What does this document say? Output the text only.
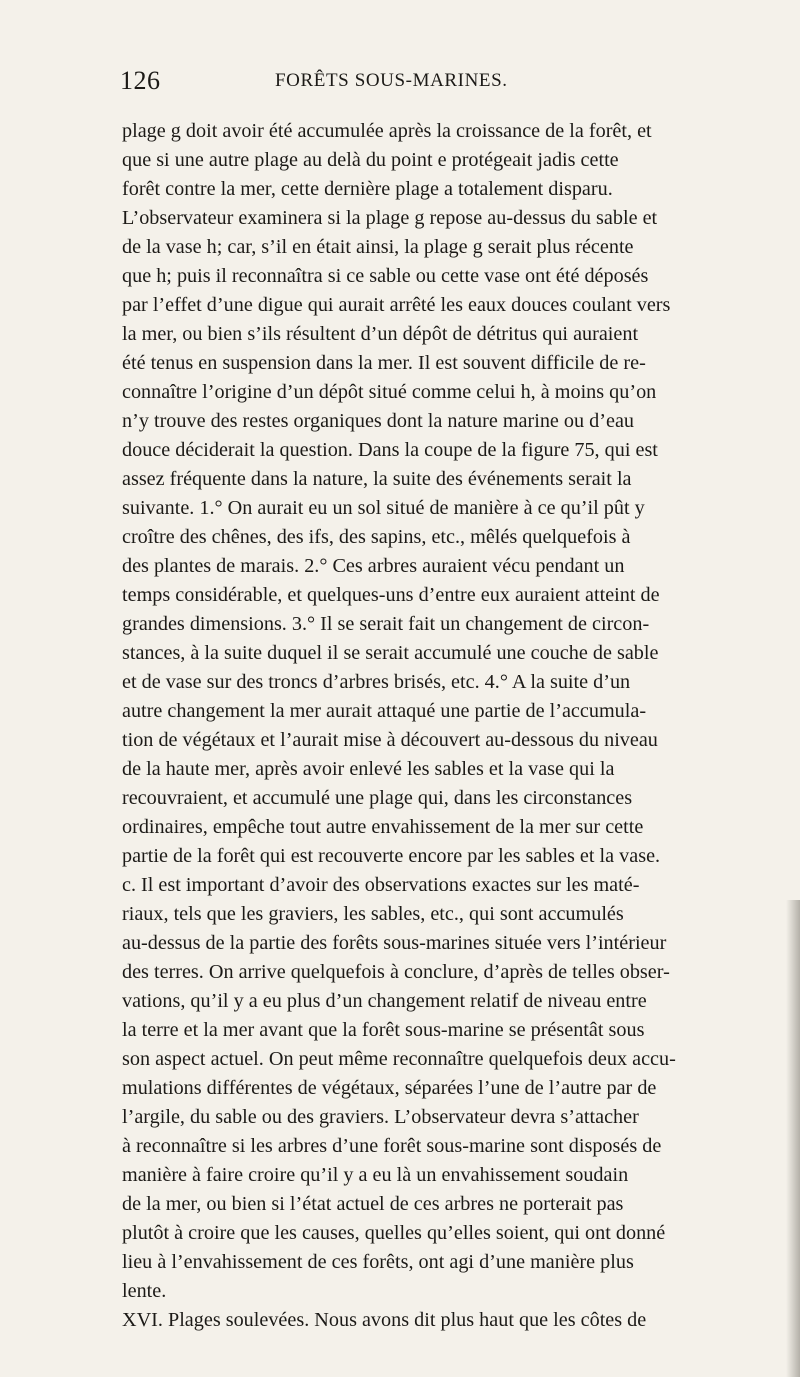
126	FORÊTS SOUS-MARINES.
plage g doit avoir été accumulée après la croissance de la forêt, et
que si une autre plage au delà du point e protégeait jadis cette
forêt contre la mer, cette dernière plage a totalement disparu.
L’observateur examinera si la plage g repose au-dessus du sable et
de la vase h; car, s’il en était ainsi, la plage g serait plus récente
que h; puis il reconnaîtra si ce sable ou cette vase ont été déposés
par l’effet d’une digue qui aurait arrêté les eaux douces coulant vers
la mer, ou bien s’ils résultent d’un dépôt de détritus qui auraient
été tenus en suspension dans la mer. Il est souvent difficile de re-
connaître l’origine d’un dépôt situé comme celui h, à moins qu’on
n’y trouve des restes organiques dont la nature marine ou d’eau
douce déciderait la question. Dans la coupe de la figure 75, qui est
assez fréquente dans la nature, la suite des événements serait la
suivante. 1.° On aurait eu un sol situé de manière à ce qu’il pût y
croître des chênes, des ifs, des sapins, etc., mêlés quelquefois à
des plantes de marais. 2.° Ces arbres auraient vécu pendant un
temps considérable, et quelques-uns d’entre eux auraient atteint de
grandes dimensions. 3.° Il se serait fait un changement de circon-
stances, à la suite duquel il se serait accumulé une couche de sable
et de vase sur des troncs d’arbres brisés, etc. 4.° A la suite d’un
autre changement la mer aurait attaqué une partie de l’accumula-
tion de végétaux et l’aurait mise à découvert au-dessous du niveau
de la haute mer, après avoir enlevé les sables et la vase qui la
recouvraient, et accumulé une plage qui, dans les circonstances
ordinaires, empêche tout autre envahissement de la mer sur cette
partie de la forêt qui est recouverte encore par les sables et la vase.
c. Il est important d’avoir des observations exactes sur les maté-
riaux, tels que les graviers, les sables, etc., qui sont accumulés
au-dessus de la partie des forêts sous-marines située vers l’intérieur
des terres. On arrive quelquefois à conclure, d’après de telles obser-
vations, qu’il y a eu plus d’un changement relatif de niveau entre
la terre et la mer avant que la forêt sous-marine se présentât sous
son aspect actuel. On peut même reconnaître quelquefois deux accu-
mulations différentes de végétaux, séparées l’une de l’autre par de
l’argile, du sable ou des graviers. L’observateur devra s’attacher
à reconnaître si les arbres d’une forêt sous-marine sont disposés de
manière à faire croire qu’il y a eu là un envahissement soudain
de la mer, ou bien si l’état actuel de ces arbres ne porterait pas
plutôt à croire que les causes, quelles qu’elles soient, qui ont donné
lieu à l’envahissement de ces forêts, ont agi d’une manière plus
lente.
XVI. Plages soulevées. Nous avons dit plus haut que les côtes de
